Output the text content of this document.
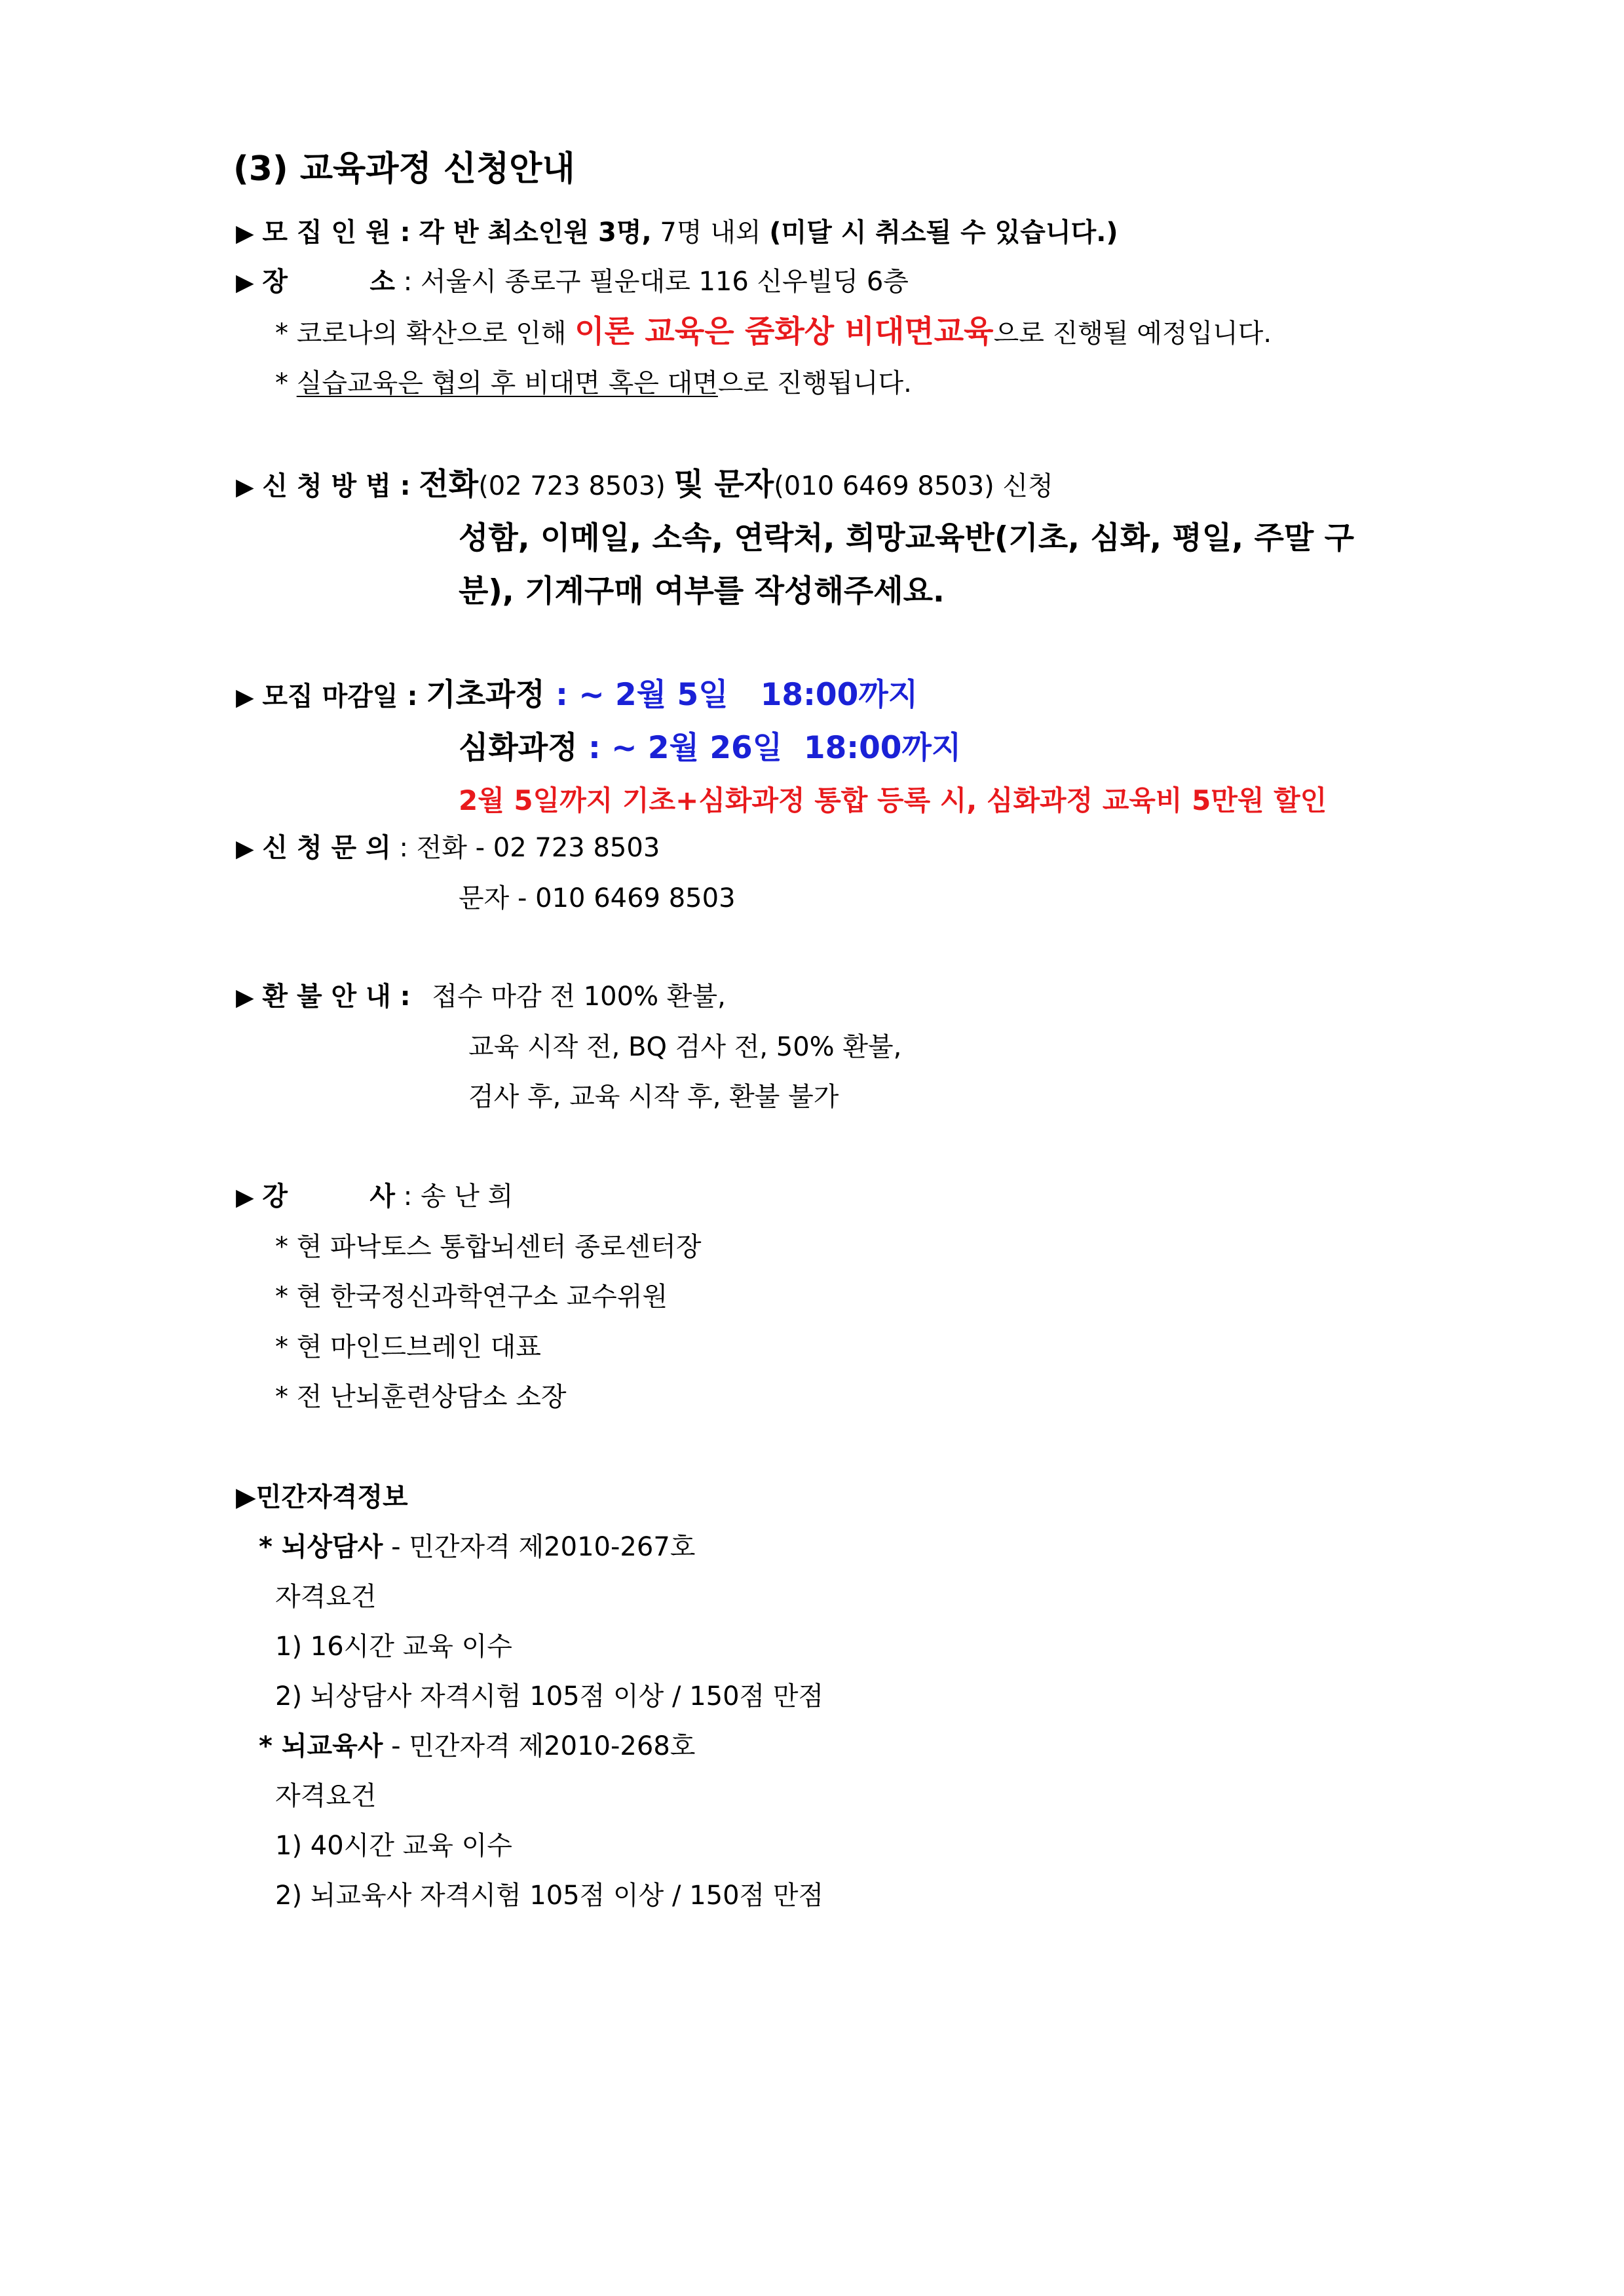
(3) 교육과정 신청안내
▶ 모 집 인 원 : 각 반 최소인원 3명, 7명 내외 (미달 시 취소될 수 있습니다.)
▶ 장         소 : 서울시 종로구 필운대로 116 신우빌딩 6층
* 코로나의 확산으로 인해 이론 교육은 줌화상 비대면교육으로 진행될 예정입니다.
* 실습교육은 협의 후 비대면 혹은 대면으로 진행됩니다.
▶ 신 청 방 법 : 전화(02 723 8503) 및 문자(010 6469 8503) 신청
성함, 이메일, 소속, 연락처, 희망교육반(기초, 심화, 평일, 주말 구
분), 기계구매 여부를 작성해주세요.
▶ 모집 마감일 : 기초과정 : ~ 2월 5일   18:00까지
심화과정 : ~ 2월 26일  18:00까지
2월 5일까지 기초+심화과정 통합 등록 시, 심화과정 교육비 5만원 할인
▶ 신 청 문 의 : 전화 - 02 723 8503
문자 - 010 6469 8503
▶ 환 불 안 내 : 접수 마감 전 100% 환불,
교육 시작 전, BQ 검사 전, 50% 환불,
검사 후, 교육 시작 후, 환불 불가
▶ 강         사 : 송 난 희
* 현 파낙토스 통합뇌센터 종로센터장
* 현 한국정신과학연구소 교수위원
* 현 마인드브레인 대표
* 전 난뇌훈련상담소 소장
▶민간자격정보
* 뇌상담사 - 민간자격 제2010-267호
자격요건
1) 16시간 교육 이수
2) 뇌상담사 자격시험 105점 이상 / 150점 만점
* 뇌교육사 - 민간자격 제2010-268호
자격요건
1) 40시간 교육 이수
2) 뇌교육사 자격시험 105점 이상 / 150점 만점
